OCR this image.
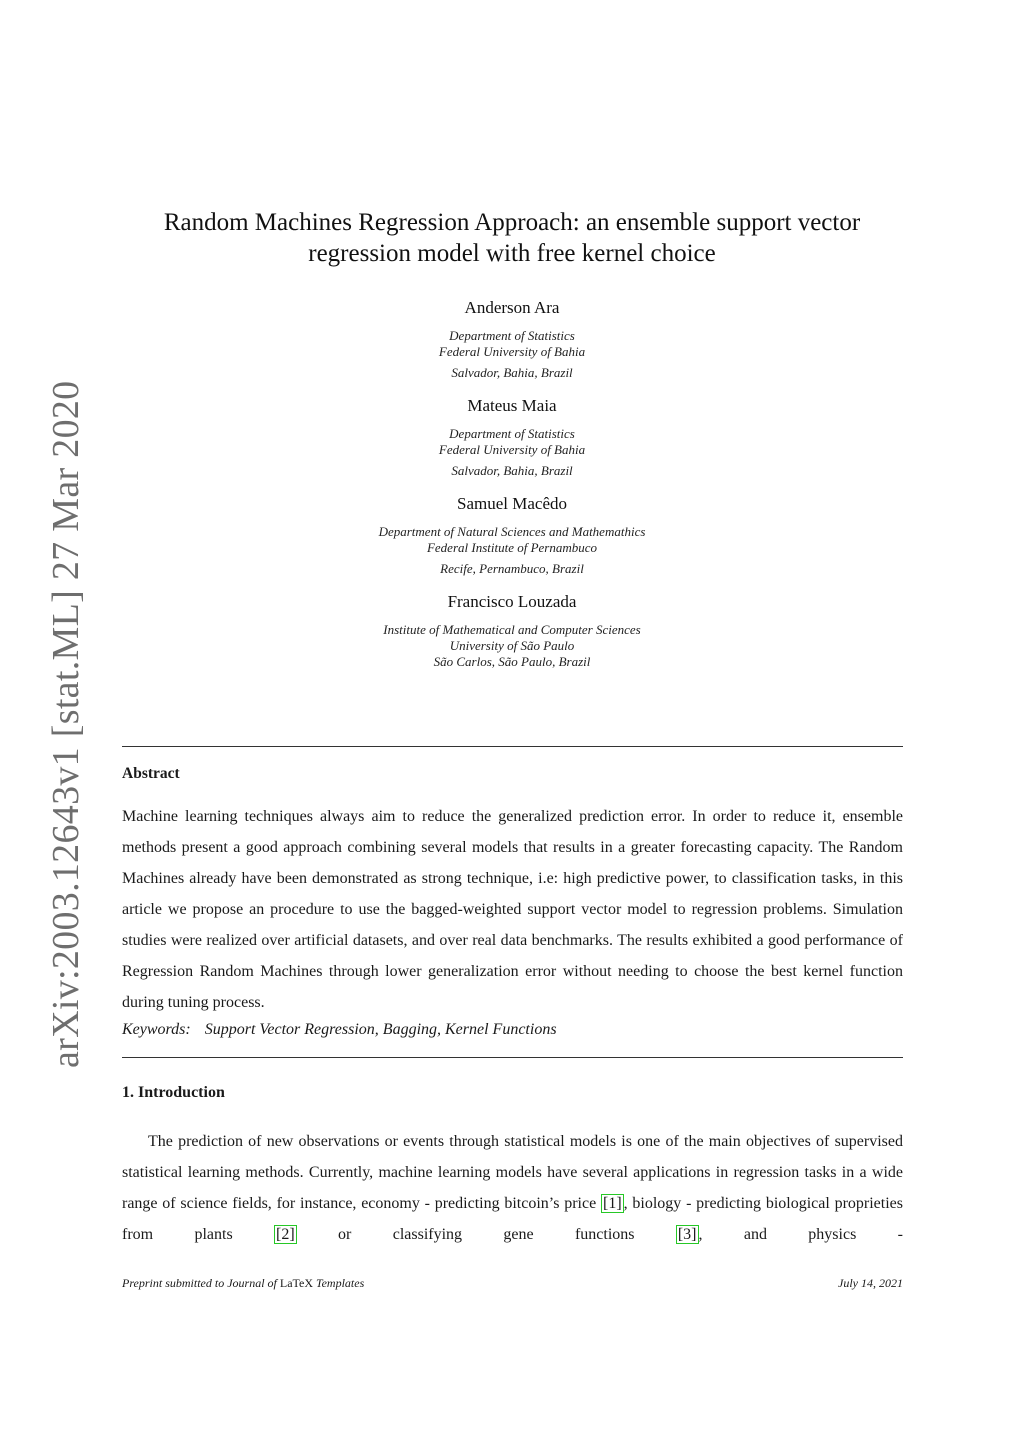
arXiv:2003.12643v1 [stat.ML] 27 Mar 2020
Random Machines Regression Approach: an ensemble support vector
regression model with free kernel choice
Anderson Ara
Department of Statistics
Federal University of Bahia
Salvador, Bahia, Brazil
Mateus Maia
Department of Statistics
Federal University of Bahia
Salvador, Bahia, Brazil
Samuel Macêdo
Department of Natural Sciences and Mathemathics
Federal Institute of Pernambuco
Recife, Pernambuco, Brazil
Francisco Louzada
Institute of Mathematical and Computer Sciences
University of São Paulo
São Carlos, São Paulo, Brazil
Abstract
Machine learning techniques always aim to reduce the generalized prediction error. In order to reduce it, ensemble methods present a good approach combining several models that results in a greater forecasting capacity. The Random Machines already have been demonstrated as strong technique, i.e: high predictive power, to classification tasks, in this article we propose an procedure to use the bagged-weighted support vector model to regression problems. Simulation studies were realized over artificial datasets, and over real data benchmarks. The results exhibited a good performance of Regression Random Machines through lower generalization error without needing to choose the best kernel function during tuning process.
Keywords: Support Vector Regression, Bagging, Kernel Functions
1. Introduction
The prediction of new observations or events through statistical models is one of the main objectives of supervised statistical learning methods. Currently, machine learning models have several applications in regression tasks in a wide range of science fields, for instance, economy - predicting bitcoin’s price [1] , biology - predicting biological proprieties from plants [2] or classifying gene functions [3] , and physics -
Preprint submitted to Journal of LaTeX Templates	July 14, 2021
